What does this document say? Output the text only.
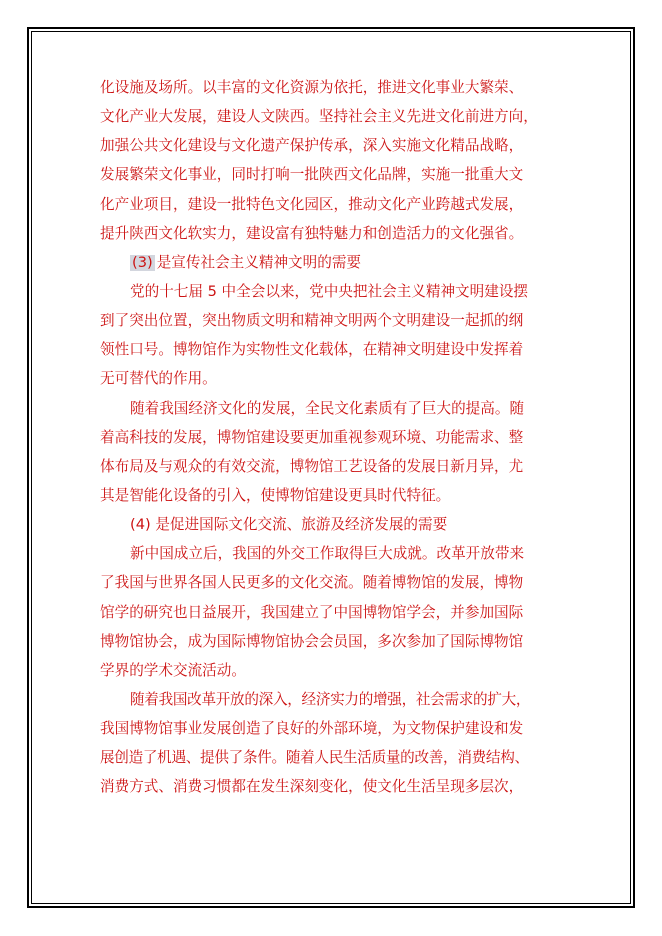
化设施及场所。以丰富的文化资源为依托，推进文化事业大繁荣、
文化产业大发展，建设人文陕西。坚持社会主义先进文化前进方向，
加强公共文化建设与文化遗产保护传承，深入实施文化精品战略，
发展繁荣文化事业，同时打响一批陕西文化品牌，实施一批重大文
化产业项目，建设一批特色文化园区，推动文化产业跨越式发展，
提升陕西文化软实力，建设富有独特魅力和创造活力的文化强省。
(3) 是宣传社会主义精神文明的需要
党的十七届 5 中全会以来，党中央把社会主义精神文明建设摆
到了突出位置，突出物质文明和精神文明两个文明建设一起抓的纲
领性口号。博物馆作为实物性文化载体，在精神文明建设中发挥着
无可替代的作用。
随着我国经济文化的发展，全民文化素质有了巨大的提高。随
着高科技的发展，博物馆建设要更加重视参观环境、功能需求、整
体布局及与观众的有效交流，博物馆工艺设备的发展日新月异，尤
其是智能化设备的引入，使博物馆建设更具时代特征。
(4) 是促进国际文化交流、旅游及经济发展的需要
新中国成立后，我国的外交工作取得巨大成就。改革开放带来
了我国与世界各国人民更多的文化交流。随着博物馆的发展，博物
馆学的研究也日益展开，我国建立了中国博物馆学会，并参加国际
博物馆协会，成为国际博物馆协会会员国，多次参加了国际博物馆
学界的学术交流活动。
随着我国改革开放的深入，经济实力的增强，社会需求的扩大，
我国博物馆事业发展创造了良好的外部环境，为文物保护建设和发
展创造了机遇、提供了条件。随着人民生活质量的改善，消费结构、
消费方式、消费习惯都在发生深刻变化，使文化生活呈现多层次，
